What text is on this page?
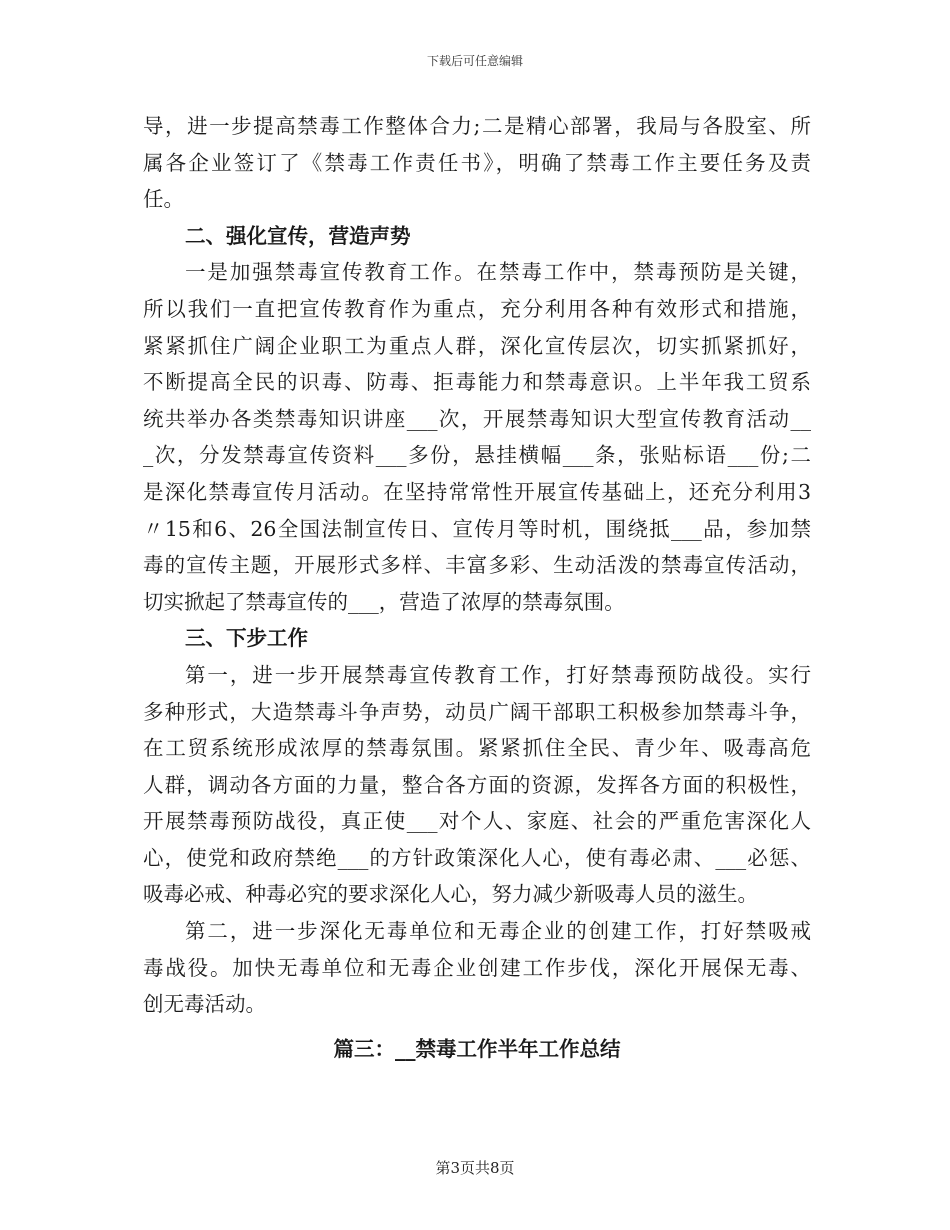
下载后可任意编辑
导，进一步提高禁毒工作整体合力;二是精心部署，我局与各股室、所
属各企业签订了《禁毒工作责任书》，明确了禁毒工作主要任务及责
任。
二、强化宣传，营造声势
一是加强禁毒宣传教育工作。在禁毒工作中，禁毒预防是关键，
所以我们一直把宣传教育作为重点，充分利用各种有效形式和措施，
紧紧抓住广阔企业职工为重点人群，深化宣传层次，切实抓紧抓好，
不断提高全民的识毒、防毒、拒毒能力和禁毒意识。上半年我工贸系
统共举办各类禁毒知识讲座___次，开展禁毒知识大型宣传教育活动__
_次，分发禁毒宣传资料___多份，悬挂横幅___条，张贴标语___份;二
是深化禁毒宣传月活动。在坚持常常性开展宣传基础上，还充分利用3
〃15和6、26全国法制宣传日、宣传月等时机，围绕抵___品，参加禁
毒的宣传主题，开展形式多样、丰富多彩、生动活泼的禁毒宣传活动，
切实掀起了禁毒宣传的___，营造了浓厚的禁毒氛围。
三、下步工作
第一，进一步开展禁毒宣传教育工作，打好禁毒预防战役。实行
多种形式，大造禁毒斗争声势，动员广阔干部职工积极参加禁毒斗争，
在工贸系统形成浓厚的禁毒氛围。紧紧抓住全民、青少年、吸毒高危
人群，调动各方面的力量，整合各方面的资源，发挥各方面的积极性，
开展禁毒预防战役，真正使___对个人、家庭、社会的严重危害深化人
心，使党和政府禁绝___的方针政策深化人心，使有毒必肃、___必惩、
吸毒必戒、种毒必究的要求深化人心，努力减少新吸毒人员的滋生。
第二，进一步深化无毒单位和无毒企业的创建工作，打好禁吸戒
毒战役。加快无毒单位和无毒企业创建工作步伐，深化开展保无毒、
创无毒活动。
篇三：__禁毒工作半年工作总结
第3页共8页
